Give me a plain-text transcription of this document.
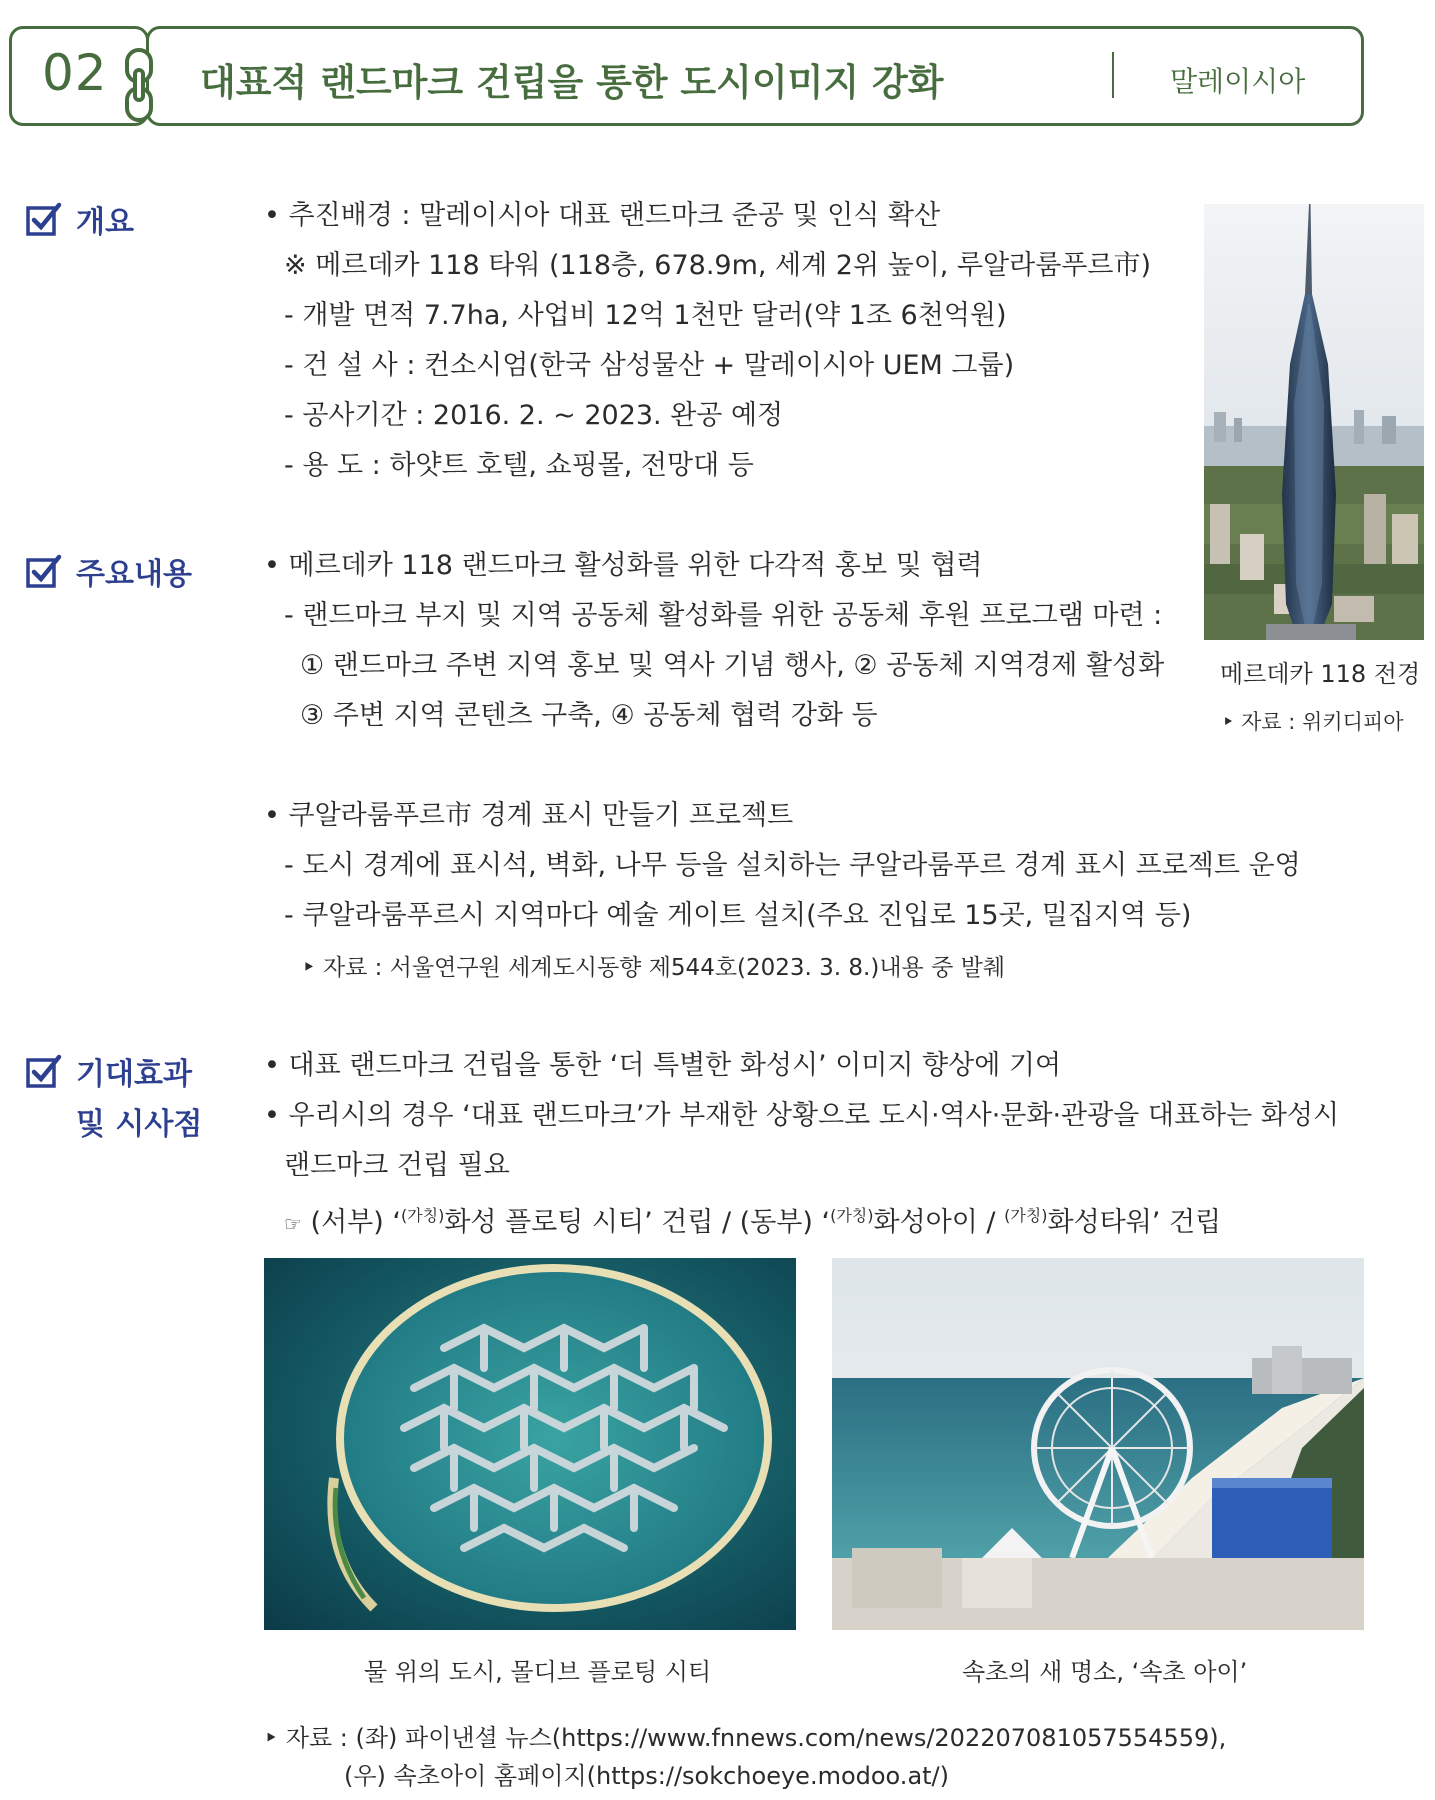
02 대표적 랜드마크 건립을 통한 도시이미지 강화	말레이시아
개요	• 추진배경 : 말레이시아 대표 랜드마크 준공 및 인식 확산
※ 메르데카 118 타워 (118층, 678.9m, 세계 2위 높이, 루알라룸푸르市)
- 개발 면적 7.7ha, 사업비 12억 1천만 달러(약 1조 6천억원)
- 건 설 사 : 컨소시엄(한국 삼성물산 + 말레이시아 UEM 그룹)
- 공사기간 : 2016. 2. ~ 2023. 완공 예정
- 용 도 : 하얏트 호텔, 쇼핑몰, 전망대 등
메르데카 118 전경
‣ 자료 : 위키디피아
주요내용	• 메르데카 118 랜드마크 활성화를 위한 다각적 홍보 및 협력
- 랜드마크 부지 및 지역 공동체 활성화를 위한 공동체 후원 프로그램 마련 :
① 랜드마크 주변 지역 홍보 및 역사 기념 행사, ② 공동체 지역경제 활성화
③ 주변 지역 콘텐츠 구축, ④ 공동체 협력 강화 등
• 쿠알라룸푸르市 경계 표시 만들기 프로젝트
- 도시 경계에 표시석, 벽화, 나무 등을 설치하는 쿠알라룸푸르 경계 표시 프로젝트 운영
- 쿠알라룸푸르시 지역마다 예술 게이트 설치(주요 진입로 15곳, 밀집지역 등)
‣ 자료 : 서울연구원 세계도시동향 제544호(2023. 3. 8.)내용 중 발췌
기대효과
및 시사점
• 대표 랜드마크 건립을 통한 ‘더 특별한 화성시’ 이미지 향상에 기여
• 우리시의 경우 ‘대표 랜드마크’가 부재한 상황으로 도시·역사·문화·관광을 대표하는 화성시
랜드마크 건립 필요
☞ (서부) ‘$^{(가칭)}$화성 플로팅 시티’ 건립 / (동부) ‘$^{(가칭)}$화성아이 / $^{(가칭)}$화성타워’ 건립
물 위의 도시, 몰디브 플로팅 시티	속초의 새 명소, ‘속초 아이’
‣ 자료 : (좌) 파이낸셜 뉴스(https://www.fnnews.com/news/202207081057554559),
(우) 속초아이 홈페이지(https://sokchoeye.modoo.at/)
